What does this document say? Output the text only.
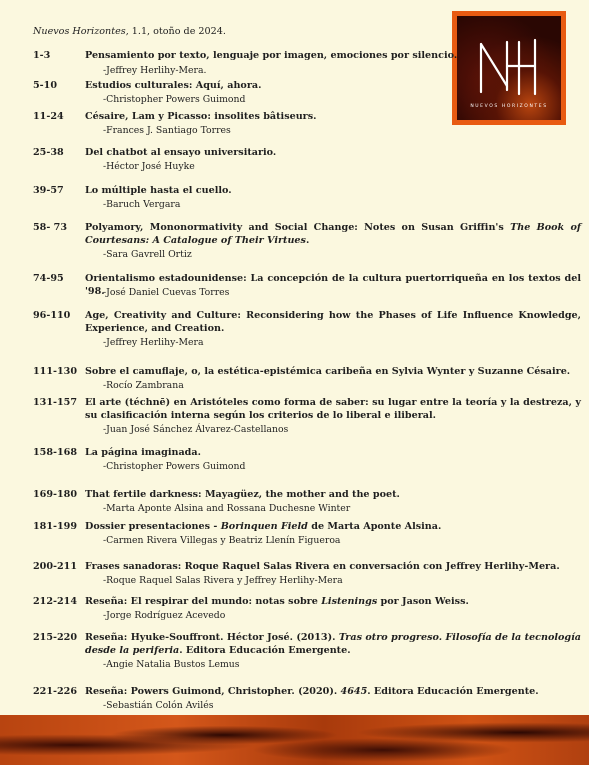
Nuevos Horizontes, 1.1, otoño de 2024.
NUEVOS HORIZONTES
1-3	Pensamiento por texto, lenguaje por imagen, emociones por silencio.
-Jeffrey Herlihy-Mera.
5-10	Estudios culturales: Aquí, ahora.
-Christopher Powers Guimond
11-24	Césaire, Lam y Picasso: insolites bâtiseurs.
-Frances J. Santiago Torres
25-38	Del chatbot al ensayo universitario.
-Héctor José Huyke
39-57	Lo múltiple hasta el cuello.
-Baruch Vergara
58- 73	Polyamory, Mononormativity and Social Change: Notes on Susan Griffin's The Book of Courtesans: A Catalogue of Their Virtues.
-Sara Gavrell Ortiz
74-95	Orientalismo estadounidense: La concepción de la cultura puertorriqueña en los textos del '98.
-José Daniel Cuevas Torres
96-110	Age, Creativity and Culture: Reconsidering how the Phases of Life Influence Knowledge, Experience, and Creation.
-Jeffrey Herlihy-Mera
111-130 Sobre el camuflaje, o, la estética-epistémica caribeña en Sylvia Wynter y Suzanne Césaire.
-Rocío Zambrana
131-157 El arte (téchnē) en Aristóteles como forma de saber: su lugar entre la teoría y la destreza, y su clasificación interna según los criterios de lo liberal e iliberal.
-Juan José Sánchez Álvarez-Castellanos
158-168 La página imaginada.
-Christopher Powers Guimond
169-180 That fertile darkness: Mayagüez, the mother and the poet.
-Marta Aponte Alsina and Rossana Duchesne Winter
181-199 Dossier presentaciones - Borinquen Field de Marta Aponte Alsina.
-Carmen Rivera Villegas y Beatriz Llenín Figueroa
200-211 Frases sanadoras: Roque Raquel Salas Rivera en conversación con Jeffrey Herlihy-Mera.
-Roque Raquel Salas Rivera y Jeffrey Herlihy-Mera
212-214 Reseña: El respirar del mundo: notas sobre Listenings por Jason Weiss.
-Jorge Rodríguez Acevedo
215-220 Reseña: Hyuke-Souffront. Héctor José. (2013). Tras otro progreso. Filosofía de la tecnología desde la periferia. Editora Educación Emergente.
-Angie Natalia Bustos Lemus
221-226 Reseña: Powers Guimond, Christopher. (2020). 4645. Editora Educación Emergente.
-Sebastián Colón Avilés
